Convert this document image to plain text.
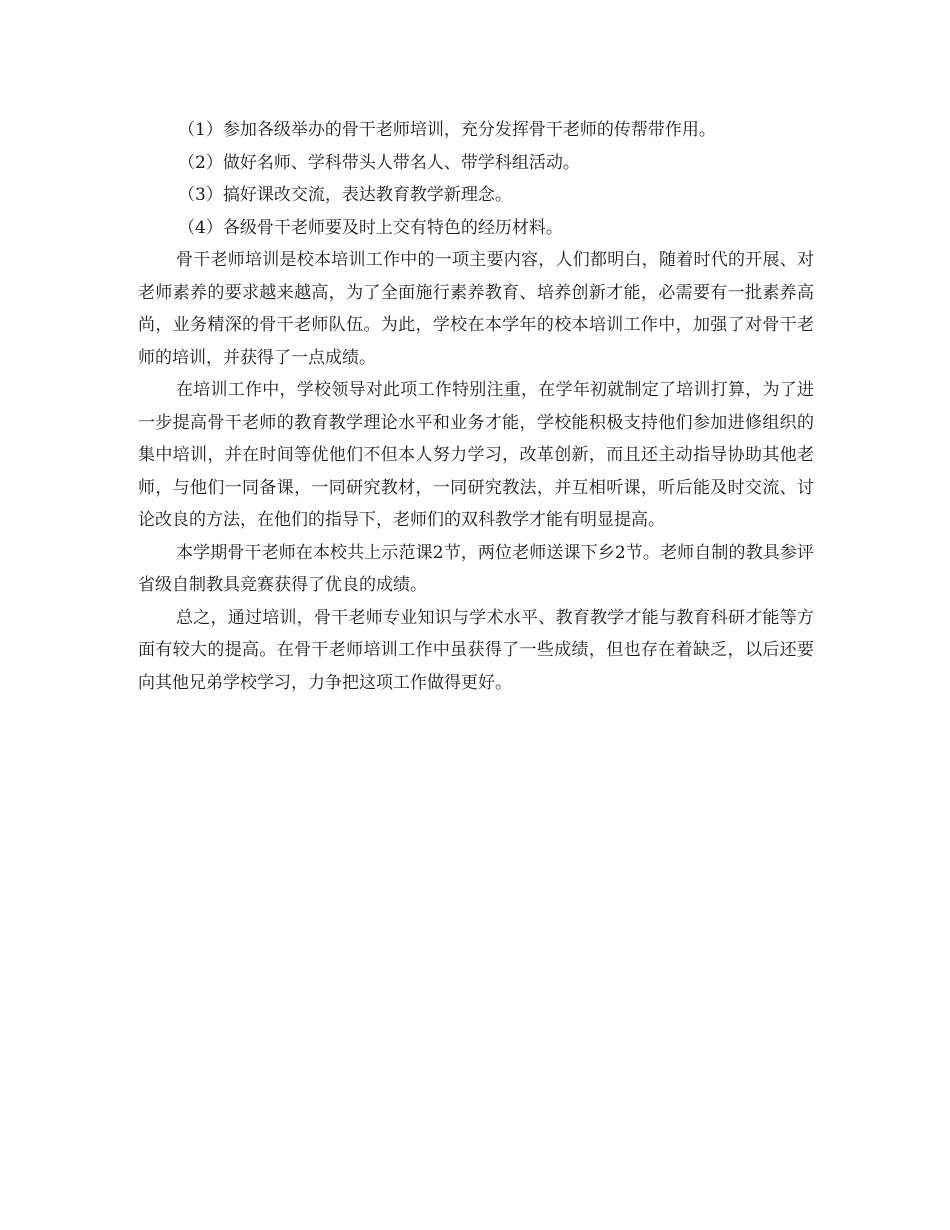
（1）参加各级举办的骨干老师培训，充分发挥骨干老师的传帮带作用。

（2）做好名师、学科带头人带名人、带学科组活动。

（3）搞好课改交流，表达教育教学新理念。

（4）各级骨干老师要及时上交有特色的经历材料。

骨干老师培训是校本培训工作中的一项主要内容，人们都明白，随着时代的开展、对老师素养的要求越来越高，为了全面施行素养教育、培养创新才能，必需要有一批素养高尚，业务精深的骨干老师队伍。为此，学校在本学年的校本培训工作中，加强了对骨干老师的培训，并获得了一点成绩。

在培训工作中，学校领导对此项工作特别注重，在学年初就制定了培训打算，为了进一步提高骨干老师的教育教学理论水平和业务才能，学校能积极支持他们参加进修组织的集中培训，并在时间等优他们不但本人努力学习，改革创新，而且还主动指导协助其他老师，与他们一同备课，一同研究教材，一同研究教法，并互相听课，听后能及时交流、讨论改良的方法，在他们的指导下，老师们的双科教学才能有明显提高。

本学期骨干老师在本校共上示范课2节，两位老师送课下乡2节。老师自制的教具参评省级自制教具竞赛获得了优良的成绩。

总之，通过培训，骨干老师专业知识与学术水平、教育教学才能与教育科研才能等方面有较大的提高。在骨干老师培训工作中虽获得了一些成绩，但也存在着缺乏，以后还要向其他兄弟学校学习，力争把这项工作做得更好。
